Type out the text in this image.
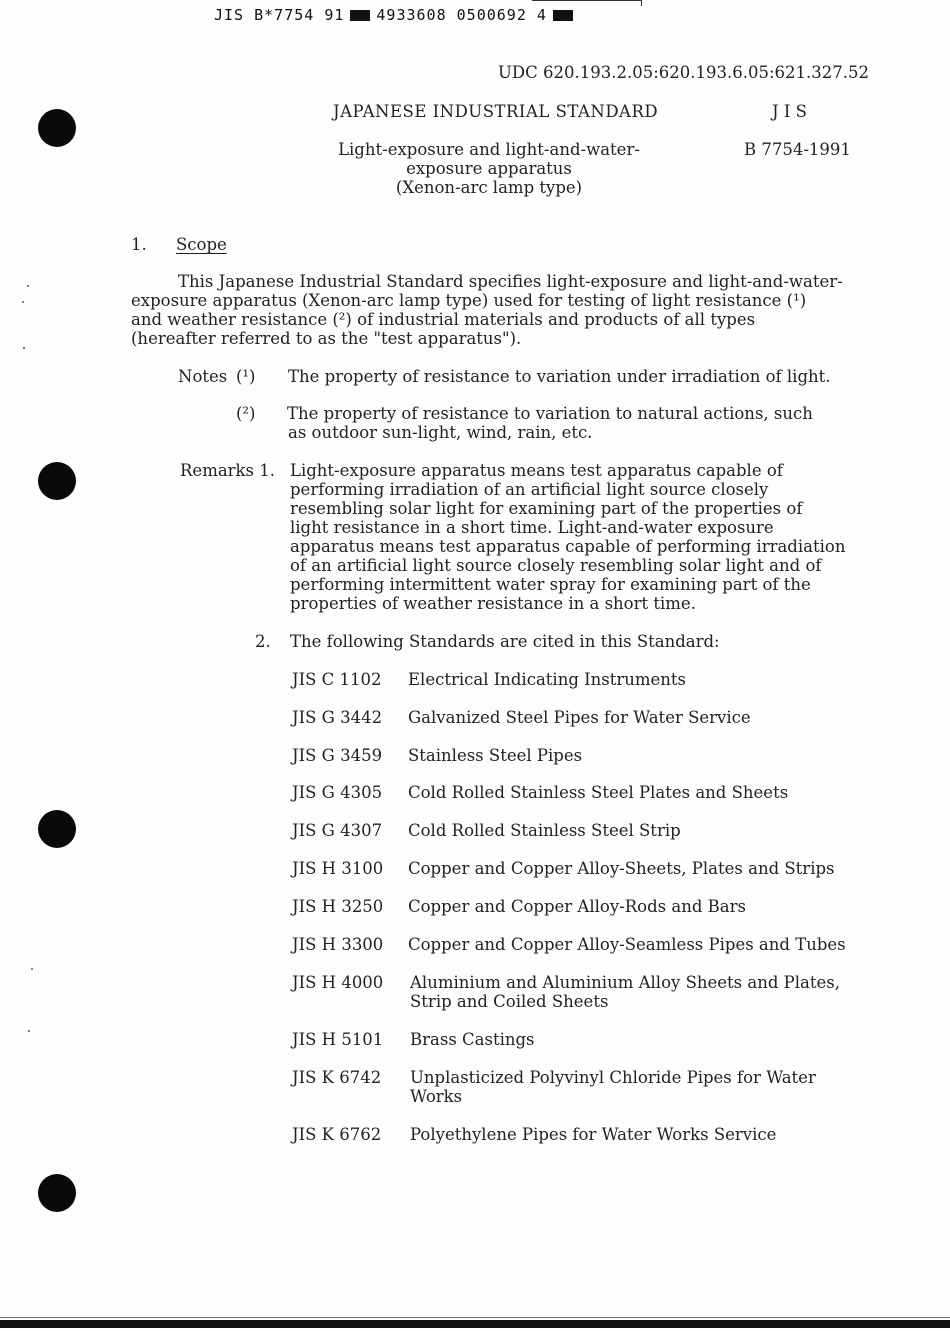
JIS B*7754 91 4933608 0500692 4
UDC 620.193.2.05:620.193.6.05:621.327.52
JAPANESE INDUSTRIAL STANDARD	J I S
Light-exposure and light-and-water-
exposure apparatus
(Xenon-arc lamp type)
B 7754-1991
1. Scope
This Japanese Industrial Standard specifies light-exposure and light-and-water-
exposure apparatus (Xenon-arc lamp type) used for testing of light resistance (¹)
and weather resistance (²) of industrial materials and products of all types
(hereafter referred to as the "test apparatus").
Notes (¹) The property of resistance to variation under irradiation of light.
(²) The property of resistance to variation to natural actions, such
as outdoor sun-light, wind, rain, etc.
Remarks 1. Light-exposure apparatus means test apparatus capable of
performing irradiation of an artificial light source closely
resembling solar light for examining part of the properties of
light resistance in a short time. Light-and-water exposure
apparatus means test apparatus capable of performing irradiation
of an artificial light source closely resembling solar light and of
performing intermittent water spray for examining part of the
properties of weather resistance in a short time.
2. The following Standards are cited in this Standard:
JIS C 1102 Electrical Indicating Instruments
JIS G 3442 Galvanized Steel Pipes for Water Service
JIS G 3459 Stainless Steel Pipes
JIS G 4305 Cold Rolled Stainless Steel Plates and Sheets
JIS G 4307 Cold Rolled Stainless Steel Strip
JIS H 3100 Copper and Copper Alloy-Sheets, Plates and Strips
JIS H 3250 Copper and Copper Alloy-Rods and Bars
JIS H 3300 Copper and Copper Alloy-Seamless Pipes and Tubes
JIS H 4000 Aluminium and Aluminium Alloy Sheets and Plates,
Strip and Coiled Sheets
JIS H 5101 Brass Castings
JIS K 6742 Unplasticized Polyvinyl Chloride Pipes for Water
Works
JIS K 6762 Polyethylene Pipes for Water Works Service
